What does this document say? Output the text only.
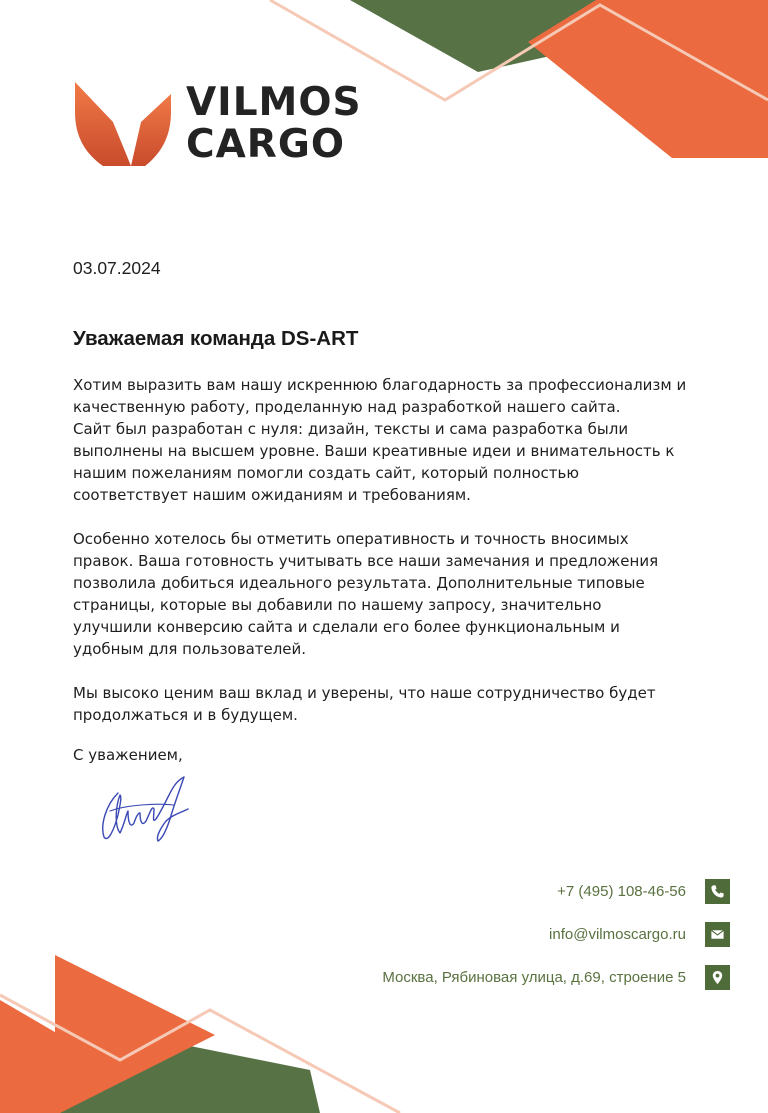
VILMOS
CARGO
03.07.2024
Уважаемая команда DS-ART

Хотим выразить вам нашу искреннюю благодарность за профессионализм и
качественную работу, проделанную над разработкой нашего сайта.
Сайт был разработан с нуля: дизайн, тексты и сама разработка были
выполнены на высшем уровне. Ваши креативные идеи и внимательность к
нашим пожеланиям помогли создать сайт, который полностью
соответствует нашим ожиданиям и требованиям.

Особенно хотелось бы отметить оперативность и точность вносимых
правок. Ваша готовность учитывать все наши замечания и предложения
позволила добиться идеального результата. Дополнительные типовые
страницы, которые вы добавили по нашему запросу, значительно
улучшили конверсию сайта и сделали его более функциональным и
удобным для пользователей.

Мы высоко ценим ваш вклад и уверены, что наше сотрудничество будет
продолжаться и в будущем.

С уважением,
+7 (495) 108-46-56
info@vilmoscargo.ru
Москва, Рябиновая улица, д.69, строение 5
